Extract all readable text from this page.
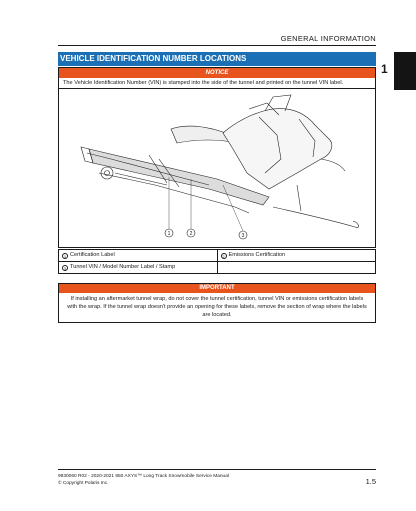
GENERAL INFORMATION
1
VEHICLE IDENTIFICATION NUMBER LOCATIONS
NOTICE
The Vehicle Identification Number (VIN) is stamped into the side of the tunnel and printed on the tunnel VIN label.
1	2	3
1 Certification Label	2 Emissions Certification
3 Tunnel VIN / Model Number Label / Stamp
IMPORTANT
If installing an aftermarket tunnel wrap, do not cover the tunnel certification, tunnel VIN or emissions certification labels with the wrap. If the tunnel wrap doesn't provide an opening for these labels, remove the section of wrap where the labels are located.
9930060 R02 - 2020-2021 850 AXYS™ Long Track Snowmobile Service Manual
© Copyright Polaris Inc.	1.5
